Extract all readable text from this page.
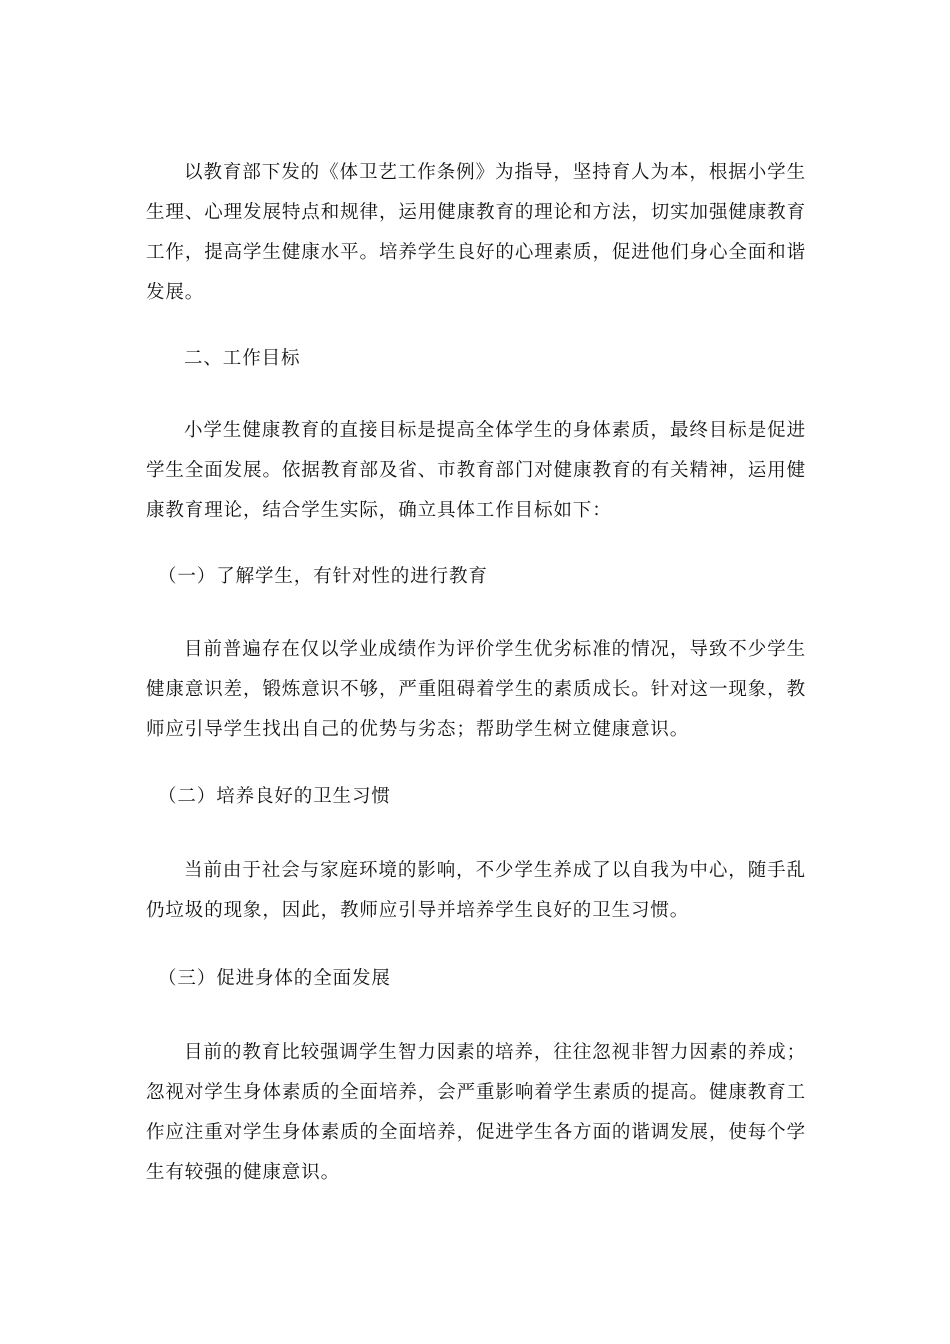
以教育部下发的《体卫艺工作条例》为指导，坚持育人为本，根据小学生生理、心理发展特点和规律，运用健康教育的理论和方法，切实加强健康教育工作，提高学生健康水平。培养学生良好的心理素质，促进他们身心全面和谐发展。

二、工作目标

小学生健康教育的直接目标是提高全体学生的身体素质，最终目标是促进学生全面发展。依据教育部及省、市教育部门对健康教育的有关精神，运用健康教育理论，结合学生实际，确立具体工作目标如下：

（一）了解学生，有针对性的进行教育

目前普遍存在仅以学业成绩作为评价学生优劣标准的情况，导致不少学生健康意识差，锻炼意识不够，严重阻碍着学生的素质成长。针对这一现象，教师应引导学生找出自己的优势与劣态；帮助学生树立健康意识。

（二）培养良好的卫生习惯

当前由于社会与家庭环境的影响，不少学生养成了以自我为中心，随手乱仍垃圾的现象，因此，教师应引导并培养学生良好的卫生习惯。

（三）促进身体的全面发展

目前的教育比较强调学生智力因素的培养，往往忽视非智力因素的养成；忽视对学生身体素质的全面培养，会严重影响着学生素质的提高。健康教育工作应注重对学生身体素质的全面培养，促进学生各方面的谐调发展，使每个学生有较强的健康意识。
